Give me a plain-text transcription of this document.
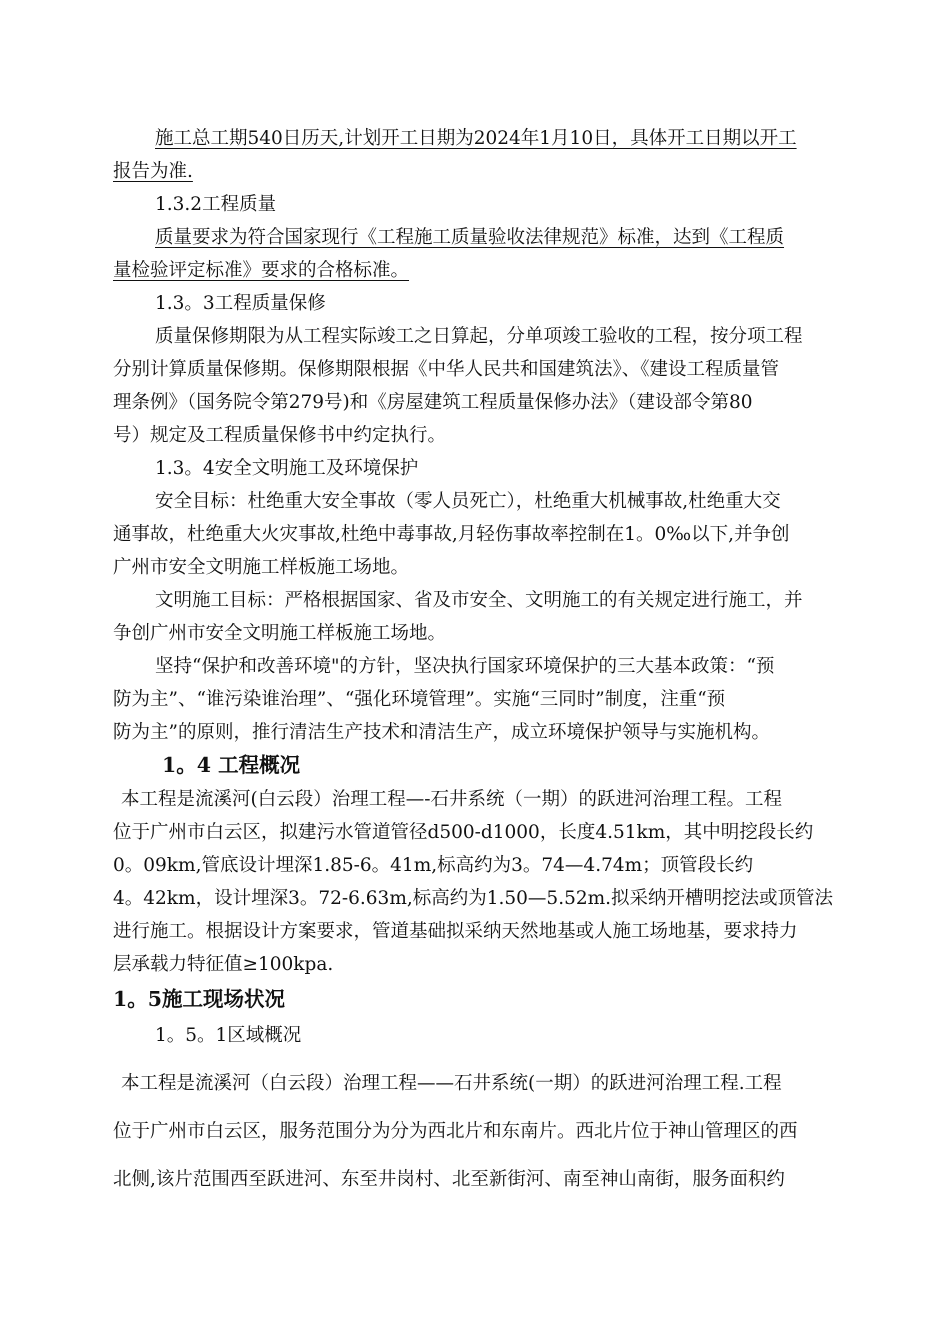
施工总工期540日历天,计划开工日期为2024年1月10日，具体开工日期以开工

报告为准.

1.3.2工程质量

质量要求为符合国家现行《工程施工质量验收法律规范》标准，达到《工程质

量检验评定标准》要求的合格标准。

1.3。3工程质量保修

质量保修期限为从工程实际竣工之日算起，分单项竣工验收的工程，按分项工程

分别计算质量保修期。保修期限根据《中华人民共和国建筑法》、《建设工程质量管

理条例》（国务院令第279号)和《房屋建筑工程质量保修办法》（建设部令第80

号）规定及工程质量保修书中约定执行。

1.3。4安全文明施工及环境保护

安全目标：杜绝重大安全事故（零人员死亡），杜绝重大机械事故,杜绝重大交

通事故，杜绝重大火灾事故,杜绝中毒事故,月轻伤事故率控制在1。0‰以下,并争创

广州市安全文明施工样板施工场地。

文明施工目标：严格根据国家、省及市安全、文明施工的有关规定进行施工，并

争创广州市安全文明施工样板施工场地。

坚持“保护和改善环境"的方针，坚决执行国家环境保护的三大基本政策：“预

防为主”、“谁污染谁治理”、“强化环境管理”。实施“三同时”制度，注重“预

防为主”的原则，推行清洁生产技术和清洁生产，成立环境保护领导与实施机构。

1。4 工程概况

本工程是流溪河(白云段）治理工程—-石井系统（一期）的跃进河治理工程。工程

位于广州市白云区，拟建污水管道管径d500-d1000，长度4.51km，其中明挖段长约

0。09km,管底设计埋深1.85-6。41m,标高约为3。74—4.74m；顶管段长约

4。42km，设计埋深3。72-6.63m,标高约为1.50—5.52m.拟采纳开槽明挖法或顶管法

进行施工。根据设计方案要求，管道基础拟采纳天然地基或人施工场地基，要求持力

层承载力特征值≥100kpa.

1。5施工现场状况

1。5。1区域概况

本工程是流溪河（白云段）治理工程——石井系统(一期）的跃进河治理工程.工程

位于广州市白云区，服务范围分为分为西北片和东南片。西北片位于神山管理区的西

北侧,该片范围西至跃进河、东至井岗村、北至新街河、南至神山南街，服务面积约
